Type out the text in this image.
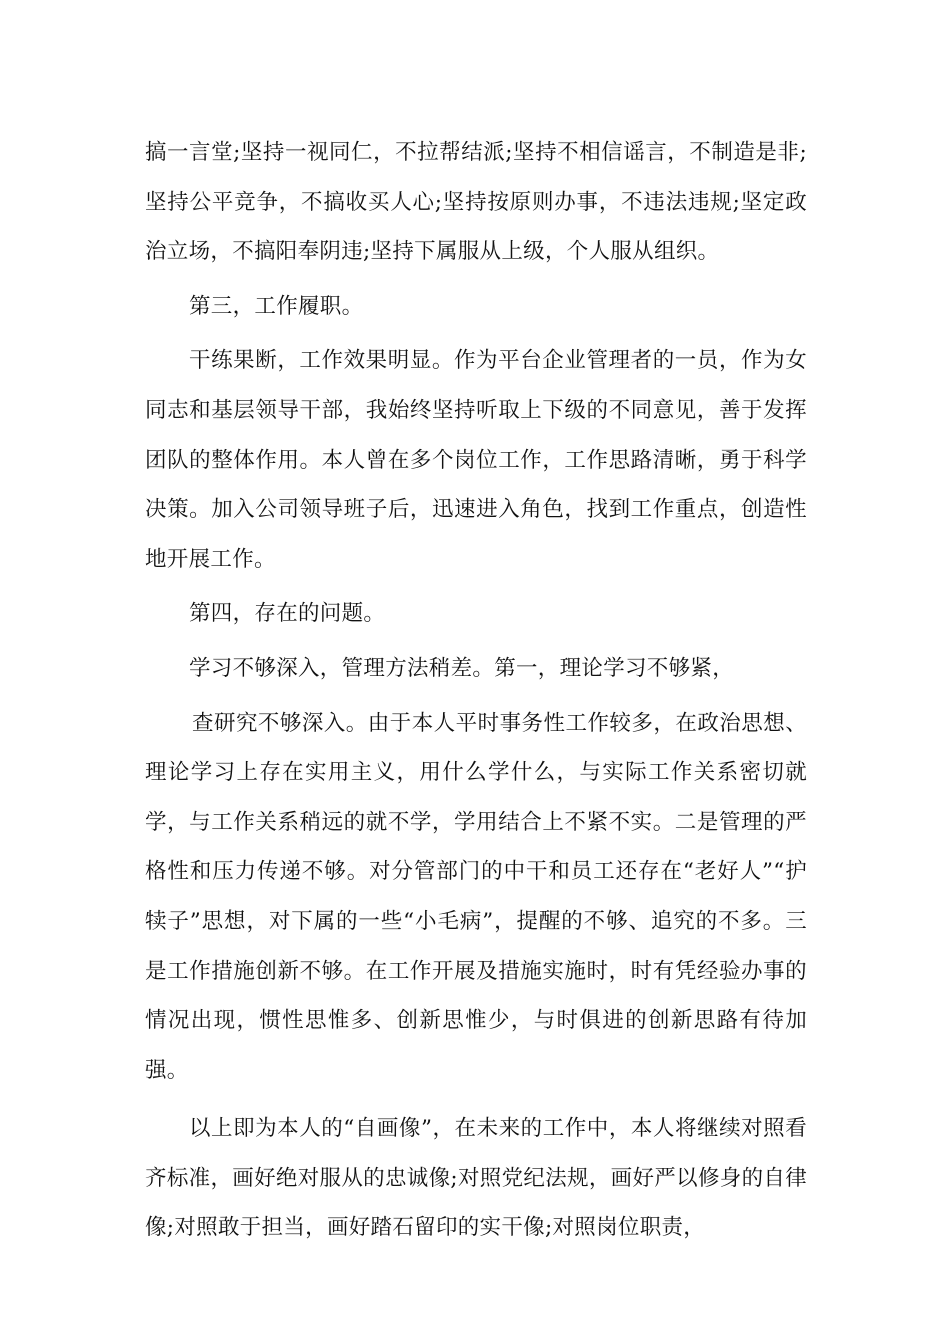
搞一言堂;坚持一视同仁，不拉帮结派;坚持不相信谣言，不制造是非;坚持公平竞争，不搞收买人心;坚持按原则办事，不违法违规;坚定政治立场，不搞阳奉阴违;坚持下属服从上级，个人服从组织。

第三，工作履职。

干练果断，工作效果明显。作为平台企业管理者的一员，作为女同志和基层领导干部，我始终坚持听取上下级的不同意见，善于发挥团队的整体作用。本人曾在多个岗位工作，工作思路清晰，勇于科学决策。加入公司领导班子后，迅速进入角色，找到工作重点，创造性地开展工作。

第四，存在的问题。

学习不够深入，管理方法稍差。第一，理论学习不够紧，

查研究不够深入。由于本人平时事务性工作较多，在政治思想、理论学习上存在实用主义，用什么学什么，与实际工作关系密切就学，与工作关系稍远的就不学，学用结合上不紧不实。二是管理的严格性和压力传递不够。对分管部门的中干和员工还存在“老好人”“护犊子”思想，对下属的一些“小毛病”，提醒的不够、追究的不多。三是工作措施创新不够。在工作开展及措施实施时，时有凭经验办事的情况出现，惯性思惟多、创新思惟少，与时俱进的创新思路有待加强。

以上即为本人的“自画像”，在未来的工作中，本人将继续对照看齐标准，画好绝对服从的忠诚像;对照党纪法规，画好严以修身的自律像;对照敢于担当，画好踏石留印的实干像;对照岗位职责，
